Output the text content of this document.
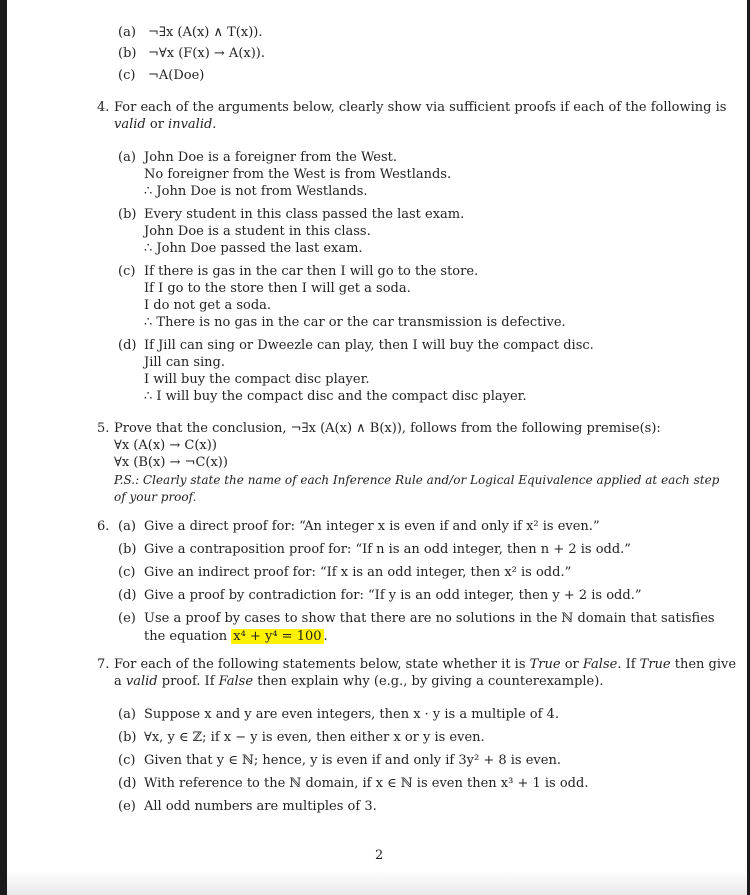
(a) ¬∃x (A(x) ∧ T(x)).
(b) ¬∀x (F(x) → A(x)).
(c) ¬A(Doe)
4. For each of the arguments below, clearly show via sufficient proofs if each of the following is
valid or invalid.
(a) John Doe is a foreigner from the West.
No foreigner from the West is from Westlands.
∴ John Doe is not from Westlands.
(b) Every student in this class passed the last exam.
John Doe is a student in this class.
∴ John Doe passed the last exam.
(c) If there is gas in the car then I will go to the store.
If I go to the store then I will get a soda.
I do not get a soda.
∴ There is no gas in the car or the car transmission is defective.
(d) If Jill can sing or Dweezle can play, then I will buy the compact disc.
Jill can sing.
I will buy the compact disc player.
∴ I will buy the compact disc and the compact disc player.
5. Prove that the conclusion, ¬∃x (A(x) ∧ B(x)), follows from the following premise(s):
∀x (A(x) → C(x))
∀x (B(x) → ¬C(x))
P.S.: Clearly state the name of each Inference Rule and/or Logical Equivalence applied at each step
of your proof.
6. (a) Give a direct proof for: “An integer x is even if and only if x² is even.”
(b) Give a contraposition proof for: “If n is an odd integer, then n + 2 is odd.”
(c) Give an indirect proof for: “If x is an odd integer, then x² is odd.”
(d) Give a proof by contradiction for: “If y is an odd integer, then y + 2 is odd.”
(e) Use a proof by cases to show that there are no solutions in the ℕ domain that satisfies
the equation x⁴ + y⁴ = 100 .
7. For each of the following statements below, state whether it is True or False. If True then give
a valid proof. If False then explain why (e.g., by giving a counterexample).
(a) Suppose x and y are even integers, then x · y is a multiple of 4.
(b) ∀x, y ∈ ℤ; if x − y is even, then either x or y is even.
(c) Given that y ∈ ℕ; hence, y is even if and only if 3y² + 8 is even.
(d) With reference to the ℕ domain, if x ∈ ℕ is even then x³ + 1 is odd.
(e) All odd numbers are multiples of 3.
2
